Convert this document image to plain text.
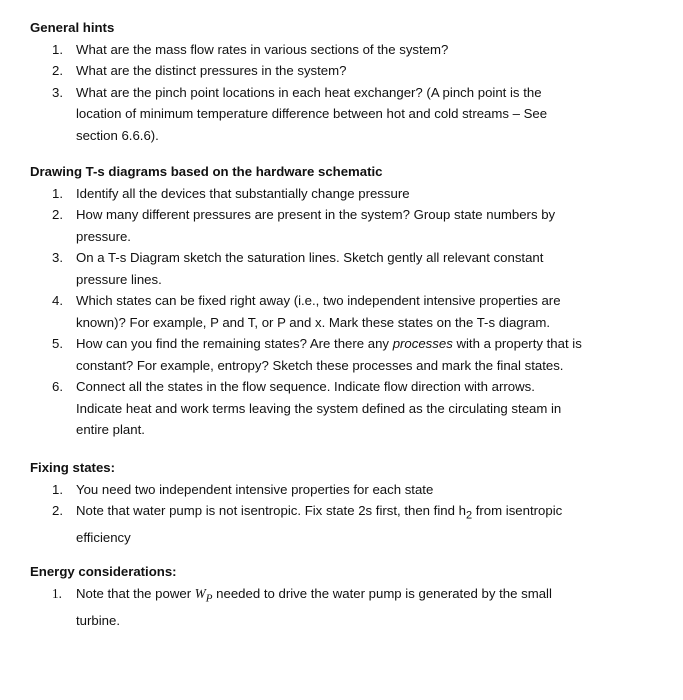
General hints

1. What are the mass flow rates in various sections of the system?
2. What are the distinct pressures in the system?
3. What are the pinch point locations in each heat exchanger? (A pinch point is the
location of minimum temperature difference between hot and cold streams – See
section 6.6.6).

Drawing T-s diagrams based on the hardware schematic

1. Identify all the devices that substantially change pressure
2. How many different pressures are present in the system? Group state numbers by
pressure.
3. On a T-s Diagram sketch the saturation lines. Sketch gently all relevant constant
pressure lines.
4. Which states can be fixed right away (i.e., two independent intensive properties are
known)? For example, P and T, or P and x. Mark these states on the T-s diagram.
5. How can you find the remaining states? Are there any processes with a property that is
constant? For example, entropy? Sketch these processes and mark the final states.
6. Connect all the states in the flow sequence. Indicate flow direction with arrows.
Indicate heat and work terms leaving the system defined as the circulating steam in
entire plant.

Fixing states:

1. You need two independent intensive properties for each state
2. Note that water pump is not isentropic. Fix state 2s first, then find $h_2$ from isentropic
efficiency

Energy considerations:

1. Note that the power $W_P$ needed to drive the water pump is generated by the small
turbine.
